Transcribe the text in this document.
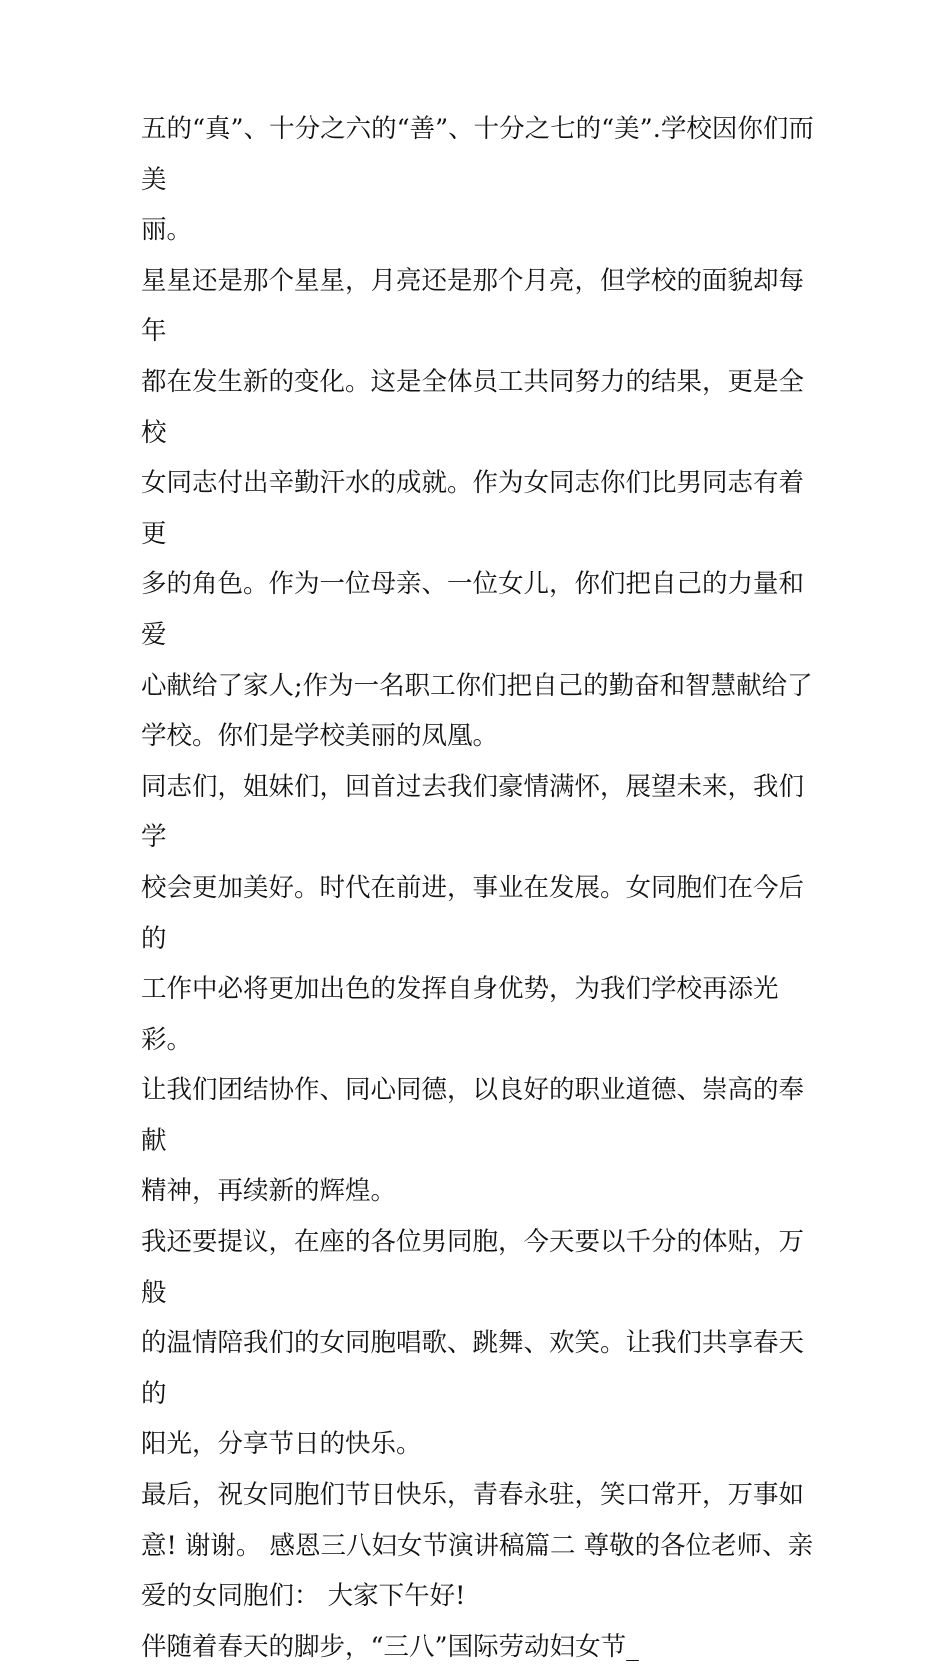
五的“真”、十分之六的“善”、十分之七的“美”.学校因你们而美

丽。

星星还是那个星星，月亮还是那个月亮，但学校的面貌却每年

都在发生新的变化。这是全体员工共同努力的结果，更是全校

女同志付出辛勤汗水的成就。作为女同志你们比男同志有着更

多的角色。作为一位母亲、一位女儿，你们把自己的力量和爱

心献给了家人;作为一名职工你们把自己的勤奋和智慧献给了

学校。你们是学校美丽的凤凰。

同志们，姐妹们，回首过去我们豪情满怀，展望未来，我们学

校会更加美好。时代在前进，事业在发展。女同胞们在今后的

工作中必将更加出色的发挥自身优势，为我们学校再添光彩。

让我们团结协作、同心同德，以良好的职业道德、崇高的奉献

精神，再续新的辉煌。

我还要提议，在座的各位男同胞，今天要以千分的体贴，万般

的温情陪我们的女同胞唱歌、跳舞、欢笑。让我们共享春天的

阳光，分享节日的快乐。

最后，祝女同胞们节日快乐，青春永驻，笑口常开，万事如

意! 谢谢。 感恩三八妇女节演讲稿篇二 尊敬的各位老师、亲

爱的女同胞们： 大家下午好!

伴随着春天的脚步，“三八”国际劳动妇女节_
